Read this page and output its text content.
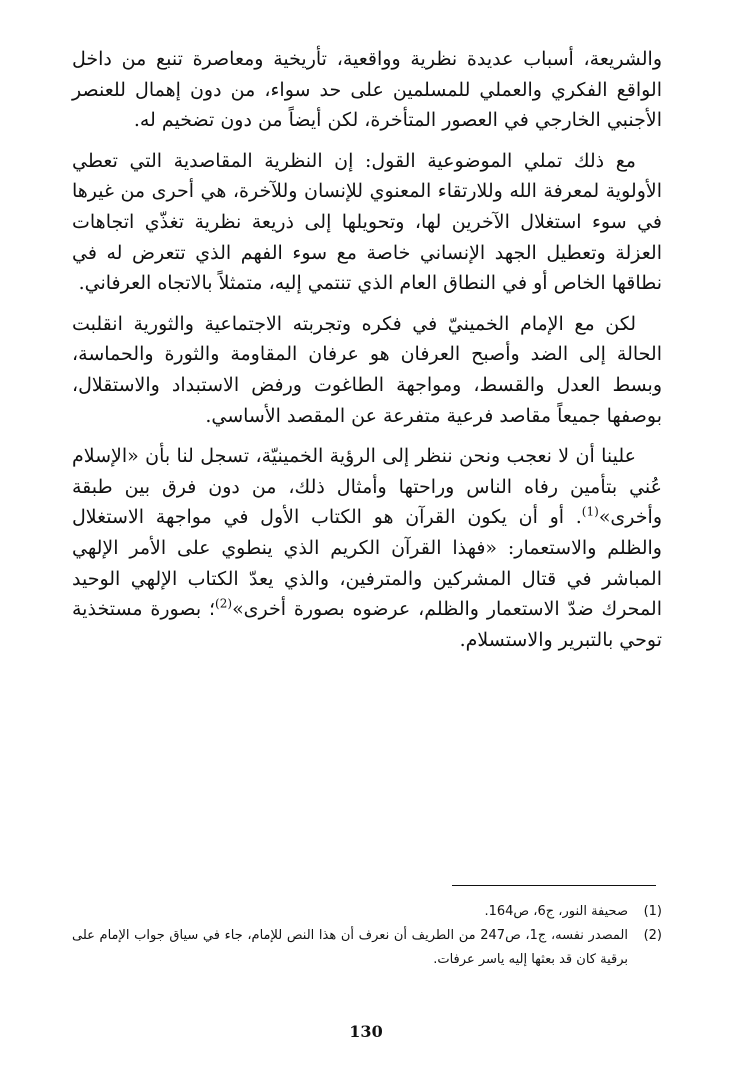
والشريعة، أسباب عديدة نظرية وواقعية، تأريخية ومعاصرة تنبع من داخل الواقع الفكري والعملي للمسلمين على حد سواء، من دون إهمال للعنصر الأجنبي الخارجي في العصور المتأخرة، لكن أيضاً من دون تضخيم له.

مع ذلك تملي الموضوعية القول: إن النظرية المقاصدية التي تعطي الأولوية لمعرفة الله وللارتقاء المعنوي للإنسان وللآخرة، هي أحرى من غيرها في سوء استغلال الآخرين لها، وتحويلها إلى ذريعة نظرية تغذّي اتجاهات العزلة وتعطيل الجهد الإنساني خاصة مع سوء الفهم الذي تتعرض له في نطاقها الخاص أو في النطاق العام الذي تنتمي إليه، متمثلاً بالاتجاه العرفاني.

لكن مع الإمام الخمينيّ في فكره وتجربته الاجتماعية والثورية انقلبت الحالة إلى الضد وأصبح العرفان هو عرفان المقاومة والثورة والحماسة، وبسط العدل والقسط، ومواجهة الطاغوت ورفض الاستبداد والاستقلال، بوصفها جميعاً مقاصد فرعية متفرعة عن المقصد الأساسي.

علينا أن لا نعجب ونحن ننظر إلى الرؤية الخمينيّة، تسجل لنا بأن «الإسلام عُني بتأمين رفاه الناس وراحتها وأمثال ذلك، من دون فرق بين طبقة وأخرى»$^{(1)}$. أو أن يكون القرآن هو الكتاب الأول في مواجهة الاستغلال والظلم والاستعمار: «فهذا القرآن الكريم الذي ينطوي على الأمر الإلهي المباشر في قتال المشركين والمترفين، والذي يعدّ الكتاب الإلهي الوحيد المحرك ضدّ الاستعمار والظلم، عرضوه بصورة أخرى»$^{(2)}$؛ بصورة مستخذية توحي بالتبرير والاستسلام.

(1)
صحيفة النور، ج6، ص164.
(2)
المصدر نفسه، ج1، ص247 من الطريف أن نعرف أن هذا النص للإمام، جاء في سياق جواب الإمام على برقية كان قد بعثها إليه ياسر عرفات.
130
